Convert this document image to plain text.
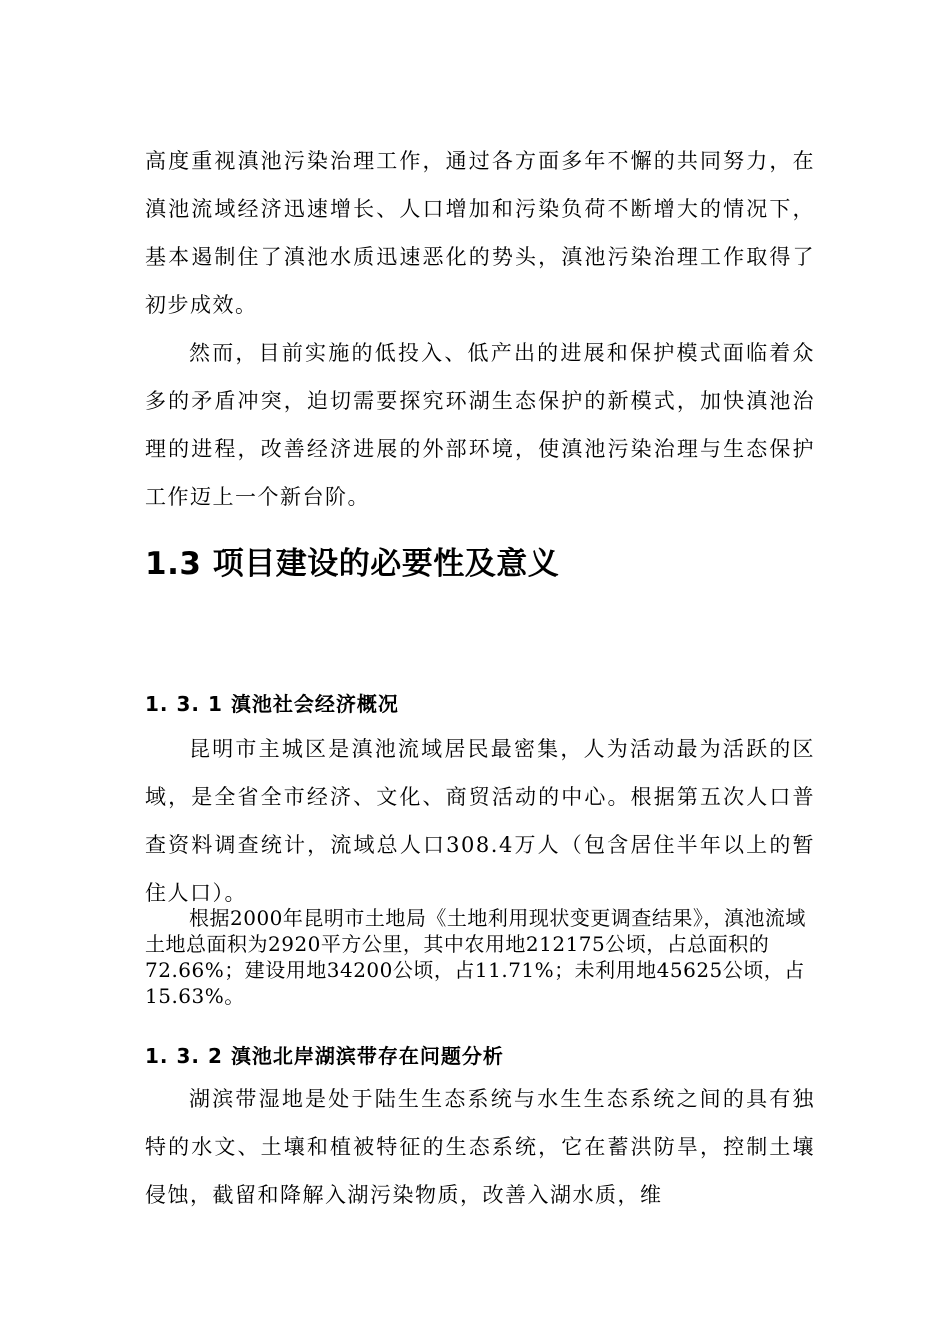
高度重视滇池污染治理工作，通过各方面多年不懈的共同努力，在滇池流域经济迅速增长、人口增加和污染负荷不断增大的情况下，基本遏制住了滇池水质迅速恶化的势头，滇池污染治理工作取得了初步成效。

然而，目前实施的低投入、低产出的进展和保护模式面临着众多的矛盾冲突，迫切需要探究环湖生态保护的新模式，加快滇池治理的进程，改善经济进展的外部环境，使滇池污染治理与生态保护工作迈上一个新台阶。

1.3 项目建设的必要性及意义
1. 3. 1 滇池社会经济概况

昆明市主城区是滇池流域居民最密集，人为活动最为活跃的区域，是全省全市经济、文化、商贸活动的中心。根据第五次人口普查资料调查统计，流域总人口308.4万人（包含居住半年以上的暂住人口）。

根据2000年昆明市土地局《土地利用现状变更调查结果》，滇池流域土地总面积为2920平方公里，其中农用地212175公顷，占总面积的72.66%；建设用地34200公顷，占11.71%；未利用地45625公顷，占15.63%。

1. 3. 2 滇池北岸湖滨带存在问题分析

湖滨带湿地是处于陆生生态系统与水生生态系统之间的具有独特的水文、土壤和植被特征的生态系统，它在蓄洪防旱，控制土壤侵蚀，截留和降解入湖污染物质，改善入湖水质，维
